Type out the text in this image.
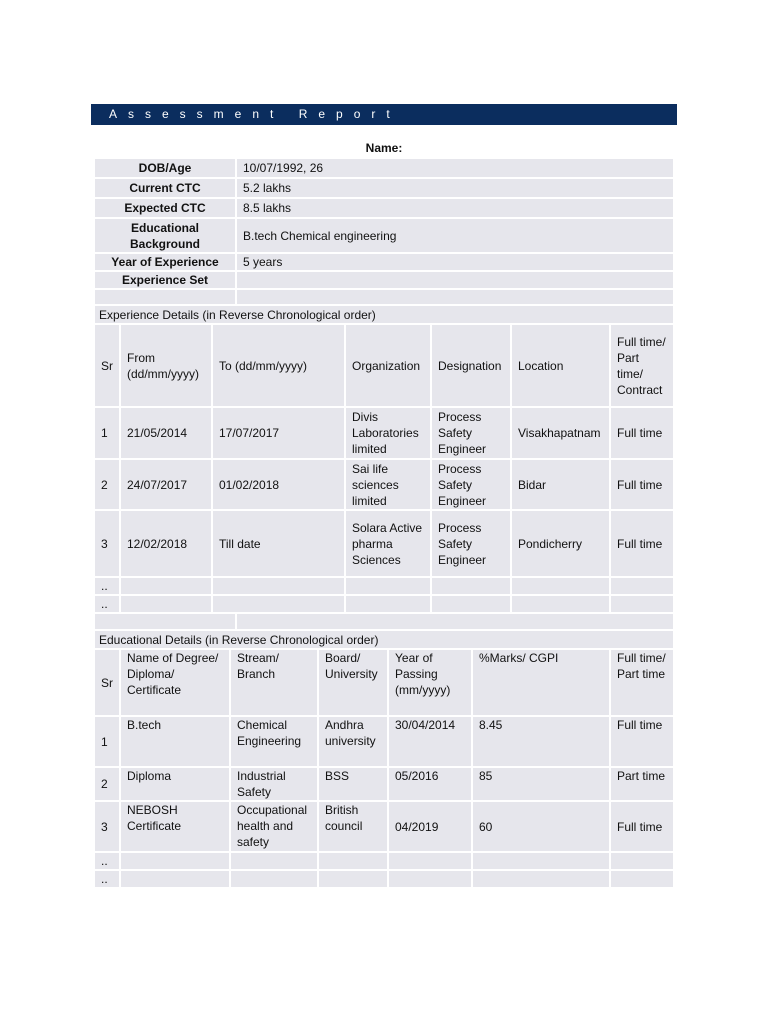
Assessment Report
Name:
DOB/Age	10/07/1992, 26
Current CTC	5.2 lakhs
Expected CTC	8.5 lakhs
Educational Background	B.tech Chemical engineering
Year of Experience	5 years
Experience Set	

Experience Details (in Reverse Chronological order)						
Sr	From (dd/mm/yyyy)	To (dd/mm/yyyy)	Organization	Designation	Location	Full time/ Part time/ Contract
1	21/05/2014	17/07/2017	Divis Laboratories limited	Process Safety Engineer	Visakhapatnam	Full time
2	24/07/2017	01/02/2018	Sai life sciences limited	Process Safety Engineer	Bidar	Full time
3	12/02/2018	Till date	Solara Active pharma Sciences	Process Safety Engineer	Pondicherry	Full time
..						
..						

Educational Details (in Reverse Chronological order)						
Sr	Name of Degree/ Diploma/ Certificate	Stream/ Branch	Board/ University	Year of Passing (mm/yyyy)	%Marks/ CGPI	Full time/ Part time
1	B.tech	Chemical Engineering	Andhra university	30/04/2014	8.45	Full time
2	Diploma	Industrial Safety	BSS	05/2016	85	Part time
3	NEBOSH Certificate	Occupational health and safety	British council	04/2019	60	Full time
..						
..						
